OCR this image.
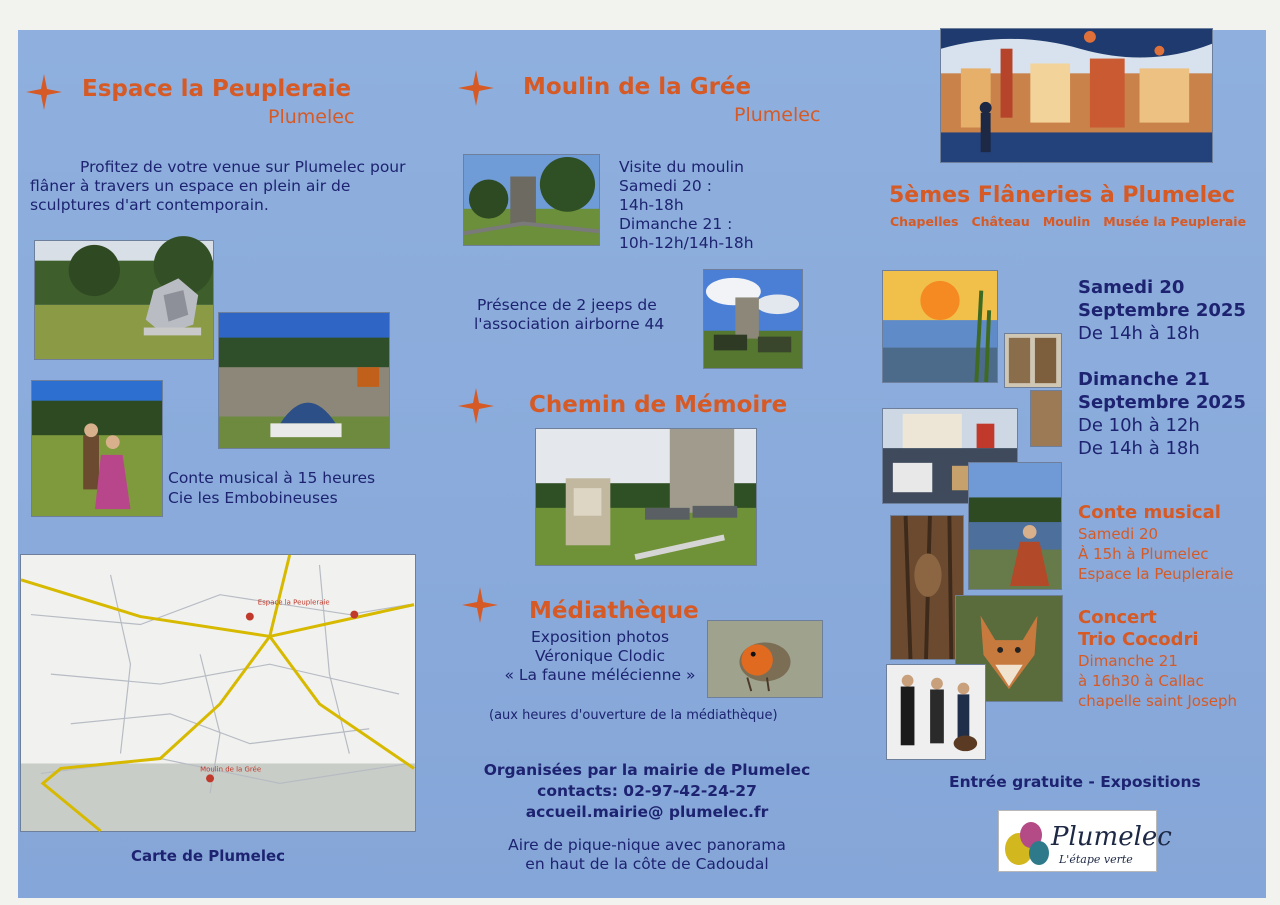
Espace la Peupleraie
Plumelec
Profitez de votre venue sur Plumelec pour flâner à travers un espace en plein air de sculptures d'art contemporain.
Conte musical à 15 heures
Cie les Embobineuses
Espace la Peupleraie
Moulin de la Grée
Carte de Plumelec
Moulin de la Grée
Plumelec
Visite du moulin
Samedi 20 :
14h-18h
Dimanche 21 :
10h-12h/14h-18h
Présence de 2 jeeps de
l'association airborne 44
Chemin de Mémoire
Médiathèque
Exposition photos
Véronique Clodic
« La faune mélécienne »
(aux heures d'ouverture de la médiathèque)
Organisées par la mairie de Plumelec
contacts: 02-97-42-24-27
accueil.mairie@ plumelec.fr
Aire de pique-nique avec panorama
en haut de la côte de Cadoudal
5èmes Flâneries à Plumelec
Chapelles   Château   Moulin   Musée la Peupleraie
Samedi 20
Septembre 2025
De 14h à 18h
Dimanche 21
Septembre 2025
De 10h à 12h
De 14h à 18h
Conte musical
Samedi 20
À 15h à Plumelec
Espace la Peupleraie
Concert
Trio Cocodri
Dimanche 21
à 16h30 à Callac
chapelle saint Joseph
Entrée gratuite - Expositions
Plumelec
L'étape verte
